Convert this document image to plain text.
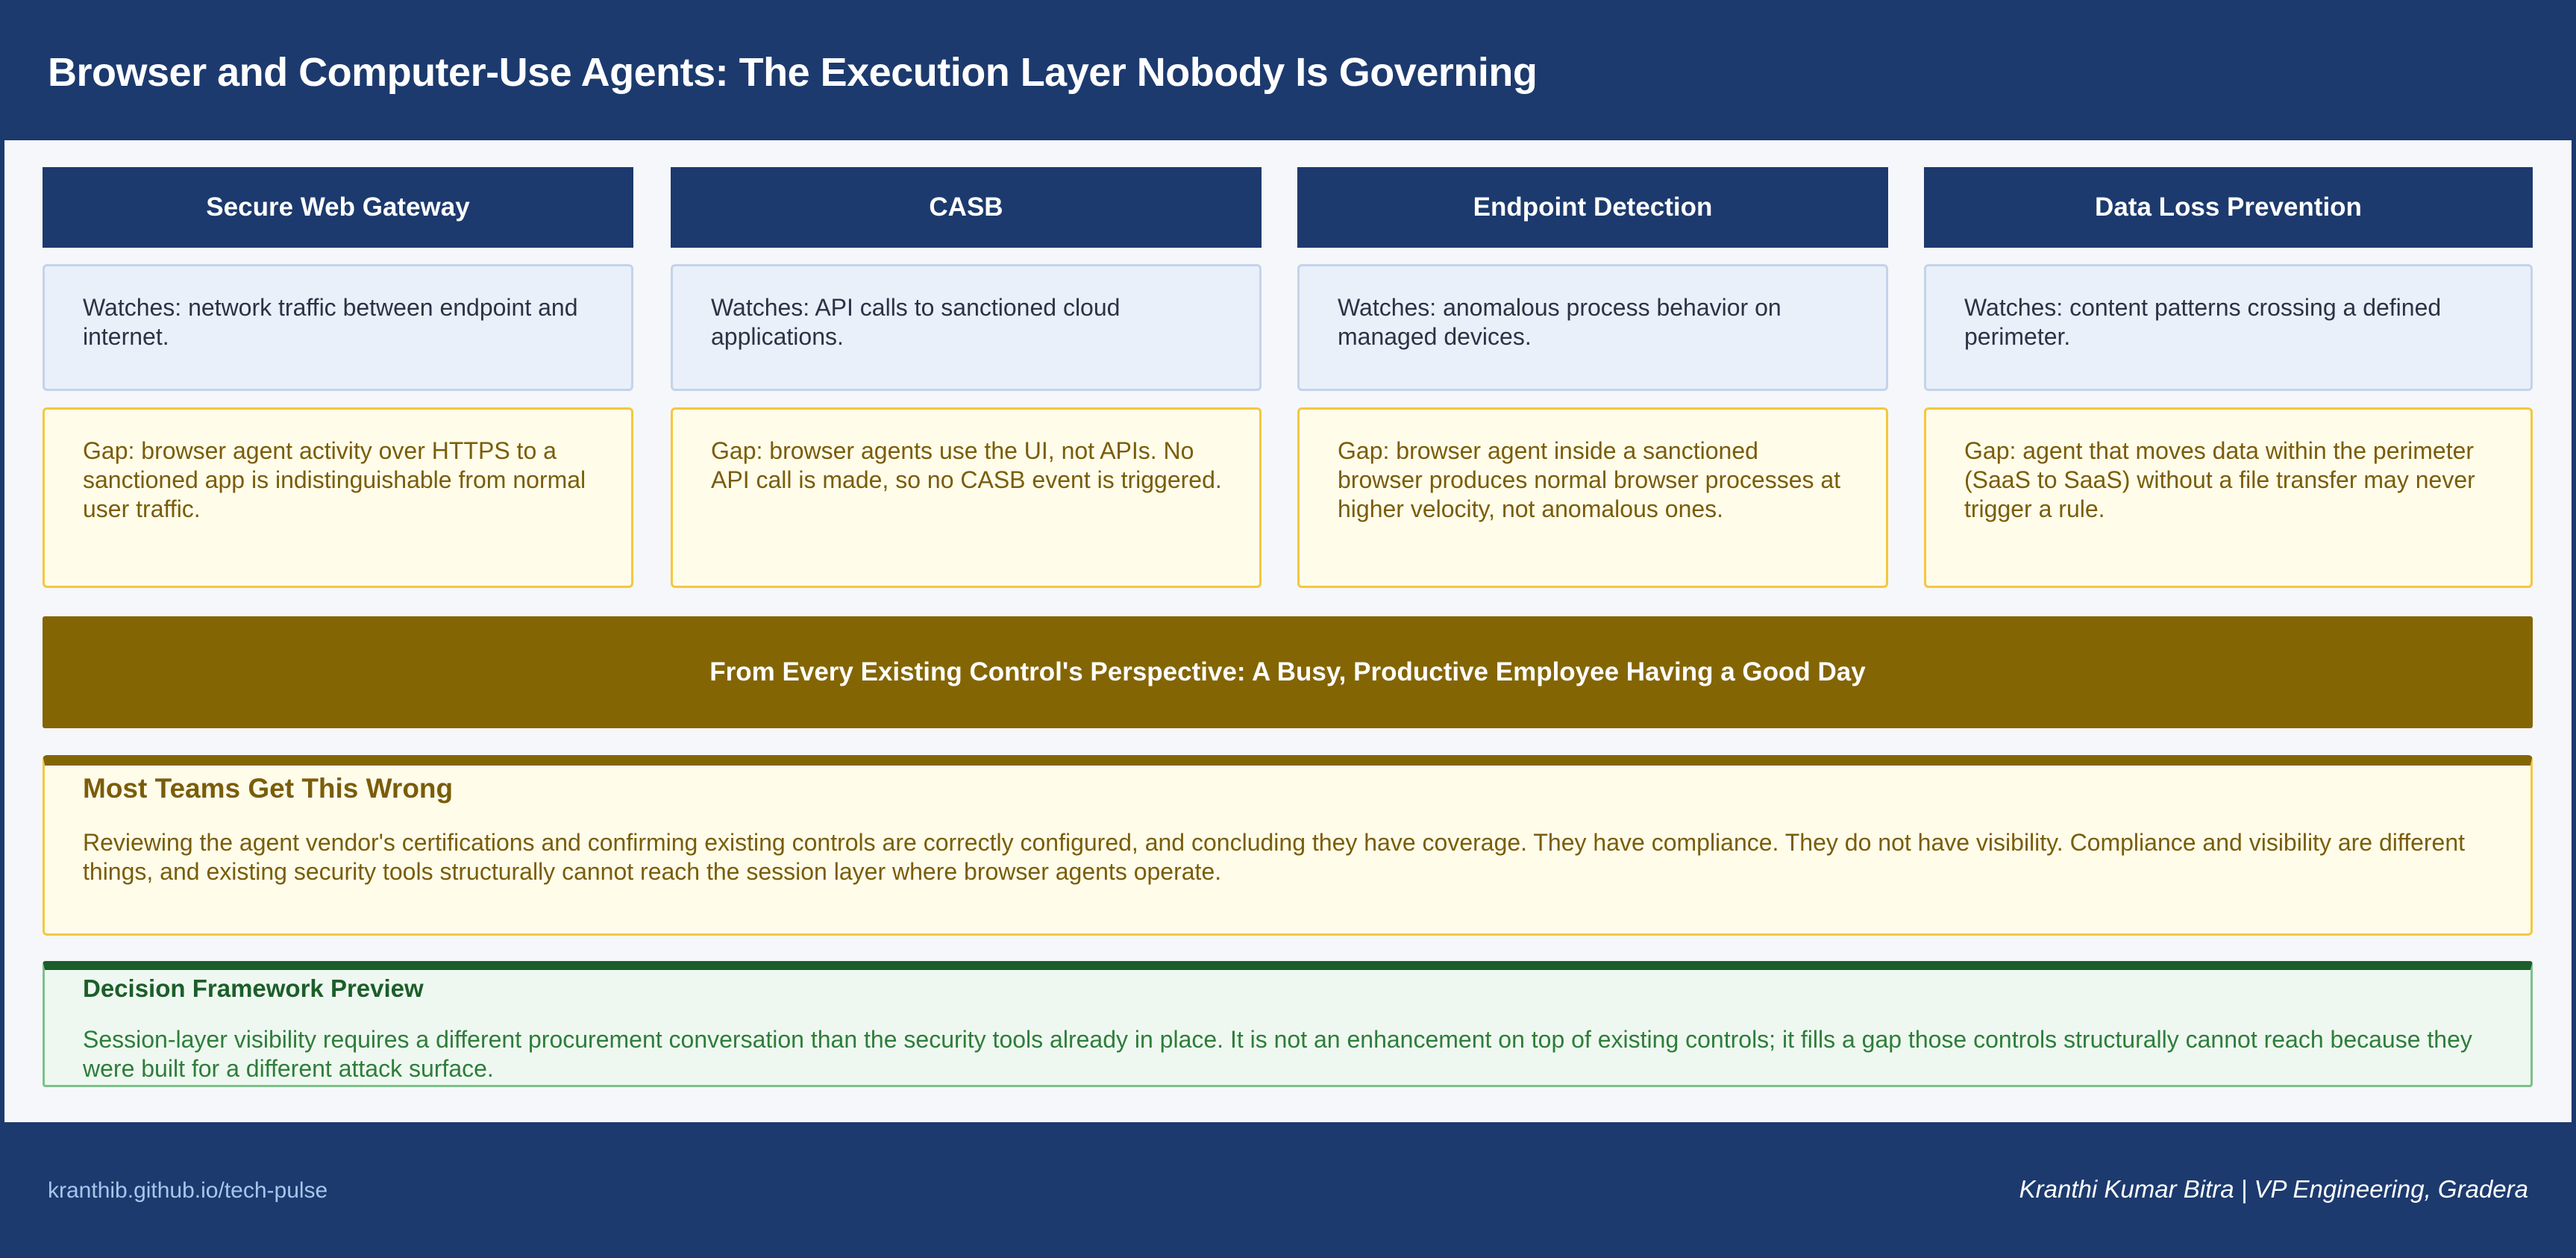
Browser and Computer-Use Agents: The Execution Layer Nobody Is Governing
Secure Web Gateway
Watches: network traffic between endpoint and internet.
Gap: browser agent activity over HTTPS to a sanctioned app is indistinguishable from normal user traffic.
CASB
Watches: API calls to sanctioned cloud applications.
Gap: browser agents use the UI, not APIs. No API call is made, so no CASB event is triggered.
Endpoint Detection
Watches: anomalous process behavior on managed devices.
Gap: browser agent inside a sanctioned browser produces normal browser processes at higher velocity, not anomalous ones.
Data Loss Prevention
Watches: content patterns crossing a defined perimeter.
Gap: agent that moves data within the perimeter (SaaS to SaaS) without a file transfer may never trigger a rule.
From Every Existing Control's Perspective: A Busy, Productive Employee Having a Good Day
Most Teams Get This Wrong
Reviewing the agent vendor's certifications and confirming existing controls are correctly configured, and concluding they have coverage. They have compliance. They do not have visibility. Compliance and visibility are different things, and existing security tools structurally cannot reach the session layer where browser agents operate.
Decision Framework Preview
Session-layer visibility requires a different procurement conversation than the security tools already in place. It is not an enhancement on top of existing controls; it fills a gap those controls structurally cannot reach because they were built for a different attack surface.
kranthib.github.io/tech-pulse	Kranthi Kumar Bitra | VP Engineering, Gradera
